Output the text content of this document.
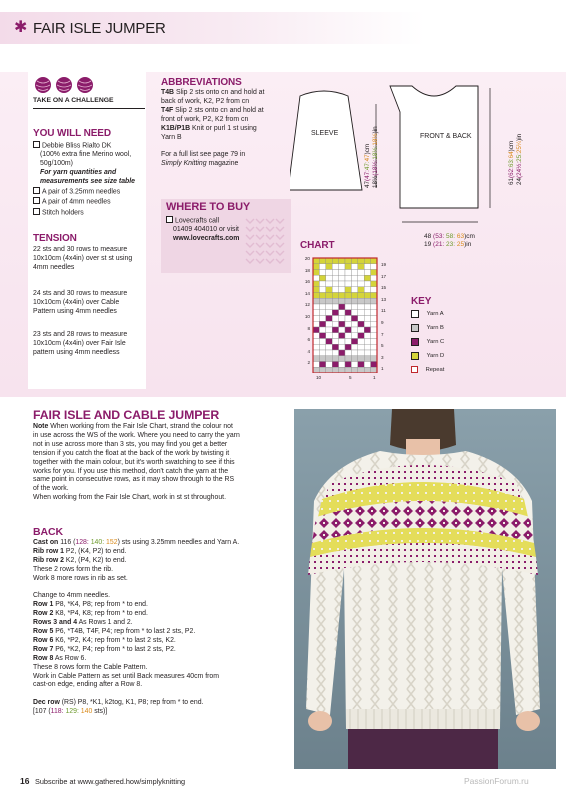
✱ FAIR ISLE JUMPER
TAKE ON A CHALLENGE
YOU WILL NEED
Debbie Bliss Rialto DK
(100% extra fine Merino wool,
50g/100m)
For yarn quantities and
measurements see size table
A pair of 3.25mm needles
A pair of 4mm needles
Stitch holders
TENSION

22 sts and 30 rows to measure

10x10cm (4x4in) over st st using

4mm needles

24 sts and 30 rows to measure

10x10cm (4x4in) over Cable

Pattern using 4mm needles

23 sts and 28 rows to measure

10x10cm (4x4in) over Fair Isle

pattern using 4mm needless

ABBREVIATIONS

T4B Slip 2 sts onto cn and hold at

back of work, K2, P2 from cn

T4F Slip 2 sts onto cn and hold at

front of work, P2, K2 from cn

K1B/P1B Knit or purl 1 st using

Yarn B

For a full list see page 79 in

Simply Knitting magazine

WHERE TO BUY

Lovecrafts call

01409 404010 or visit

www.lovecrafts.com

SLEEVE	FRONT & BACK
47(47:47:47)cm
18½(18½:18½:18½)in
61(62:63:64)cm
24(24½:25:25¼)in
48 (53: 58: 63)cm
19 (21: 23: 25)in
CHART
20
18
16
14
12
10
8
6
4
2
19
17
15
13
11
9
7
5
3
1
10	5	1
KEY
Yarn A
Yarn B
Yarn C
Yarn D
Repeat
FAIR ISLE AND CABLE JUMPER

Note When working from the Fair Isle Chart, strand the colour not

in use across the WS of the work. Where you need to carry the yarn

not in use across more than 3 sts, you may find you get a better

tension if you catch the float at the back of the work by twisting it

together with the main colour, but it's worth swatching to see if this

works for you. If you use this method, don't catch the yarn at the

same point in consecutive rows, as it may show through to the RS

of the work.

When working from the Fair Isle Chart, work in st st throughout.

BACK

Cast on 116 (128: 140: 152) sts using 3.25mm needles and Yarn A.

Rib row 1 P2, (K4, P2) to end.

Rib row 2 K2, (P4, K2) to end.

These 2 rows form the rib.

Work 8 more rows in rib as set.

Change to 4mm needles.

Row 1 P8, *K4, P8; rep from * to end.

Row 2 K8, *P4, K8; rep from * to end.

Rows 3 and 4 As Rows 1 and 2.

Row 5 P6, *T4B, T4F, P4; rep from * to last 2 sts, P2.

Row 6 K6, *P2, K4; rep from * to last 2 sts, K2.

Row 7 P6, *K2, P4; rep from * to last 2 sts, P2.

Row 8 As Row 6.

These 8 rows form the Cable Pattern.

Work in Cable Pattern as set until Back measures 40cm from

cast-on edge, ending after a Row 8.

Dec row (RS) P8, *K1, k2tog, K1, P8; rep from * to end.

[107 (118: 129: 140 sts)]

16 Subscribe at www.gathered.how/simplyknitting	PassionForum.ru
